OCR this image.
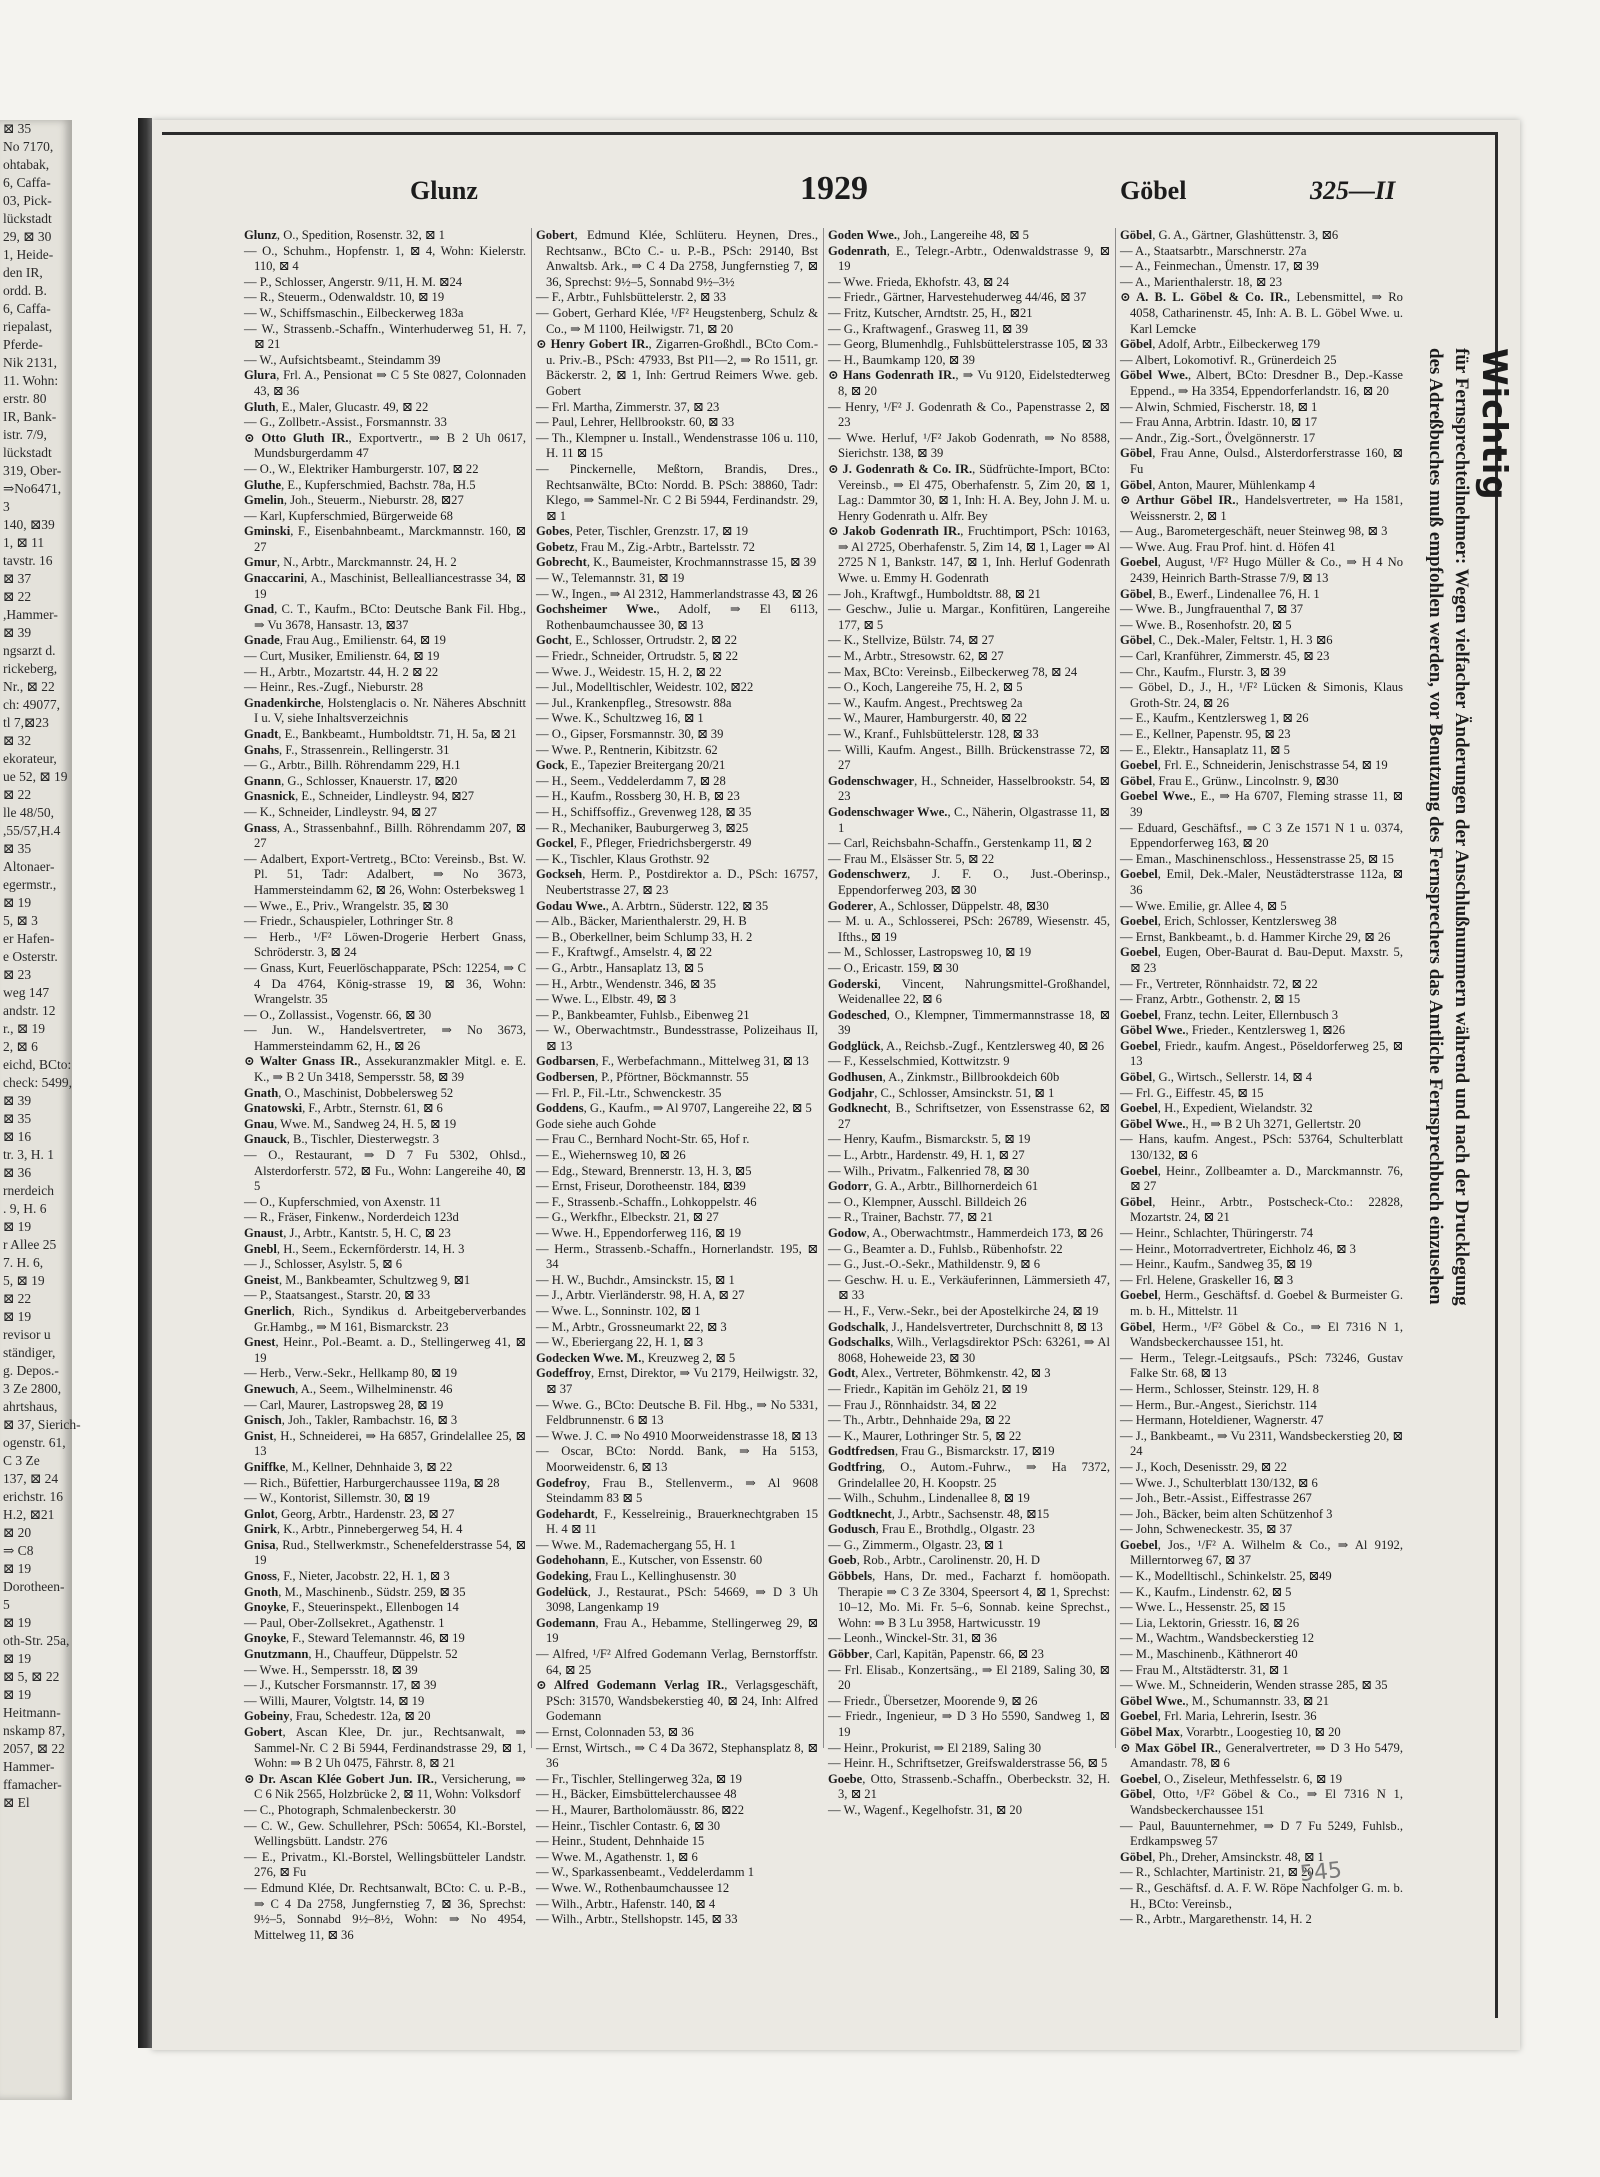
⊠ 35
No 7170,
ohtabak,
6, Caffa-
03, Pick-
lückstadt
29, ⊠ 30
1, Heide-
den IR,
ordd. B.
6, Caffa-
riepalast,
Pferde-
Nik 2131,
11. Wohn:
erstr. 80
IR, Bank-
istr. 7/9,
lückstadt
319, Ober-
⇒No6471,
3
140, ⊠39
1, ⊠ 11
tavstr. 16
⊠ 37
⊠ 22
,Hammer-
⊠ 39
ngsarzt d.
rickeberg,
Nr., ⊠ 22
ch: 49077,
tl 7,⊠23
⊠ 32
ekorateur,
ue 52, ⊠ 19
⊠ 22
lle 48/50,
,55/57,H.4
⊠ 35
Altonaer-
egermstr.,
⊠ 19
5, ⊠ 3
er Hafen-
e Osterstr.
⊠ 23
weg 147
andstr. 12
r., ⊠ 19
2, ⊠ 6
eichd, BCto:
check: 5499,
⊠ 39
⊠ 35
⊠ 16
tr. 3, H. 1
⊠ 36
rnerdeich
. 9, H. 6
⊠ 19
r Allee 25
7. H. 6,
5, ⊠ 19
⊠ 22
⊠ 19
revisor u
ständiger,
g. Depos.-
3 Ze 2800,
ahrtshaus,
⊠ 37, Sierich-
ogenstr. 61,
C 3 Ze
137, ⊠ 24
erichstr. 16
H.2, ⊠21
⊠ 20
⇒ C8
⊠ 19
Dorotheen-
5
⊠ 19
oth-Str. 25a,
⊠ 19
⊠ 5, ⊠ 22
⊠ 19
Heitmann-
nskamp 87,
2057, ⊠ 22
Hammer-
ffamacher-
⊠ El
Glunz	1929	Göbel	325—II

Glunz, O., Spedition, Rosenstr. 32, ⊠ 1

— O., Schuhm., Hopfenstr. 1, ⊠ 4, Wohn: Kielerstr. 110, ⊠ 4

— P., Schlosser, Angerstr. 9/11, H. M. ⊠24

— R., Steuerm., Odenwaldstr. 10, ⊠ 19

— W., Schiffsmaschin., Eilbeckerweg 183a

— W., Strassenb.-Schaffn., Winterhuderweg 51, H. 7, ⊠ 21

— W., Aufsichtsbeamt., Steindamm 39

Glura, Frl. A., Pensionat ⇒ C 5 Ste 0827, Colonnaden 43, ⊠ 36

Gluth, E., Maler, Glucastr. 49, ⊠ 22

— G., Zollbetr.-Assist., Forsmannstr. 33

⊙ Otto Gluth IR., Exportvertr., ⇒ B 2 Uh 0617, Mundsburgerdamm 47

— O., W., Elektriker Hamburgerstr. 107, ⊠ 22

Gluthe, E., Kupferschmied, Bachstr. 78a, H.5

Gmelin, Joh., Steuerm., Nieburstr. 28, ⊠27

— Karl, Kupferschmied, Bürgerweide 68

Gminski, F., Eisenbahnbeamt., Marckmannstr. 160, ⊠ 27

Gmur, N., Arbtr., Marckmannstr. 24, H. 2

Gnaccarini, A., Maschinist, Bellealliancestrasse 34, ⊠ 19

Gnad, C. T., Kaufm., BCto: Deutsche Bank Fil. Hbg., ⇒ Vu 3678, Hansastr. 13, ⊠37

Gnade, Frau Aug., Emilienstr. 64, ⊠ 19

— Curt, Musiker, Emilienstr. 64, ⊠ 19

— H., Arbtr., Mozartstr. 44, H. 2 ⊠ 22

— Heinr., Res.-Zugf., Nieburstr. 28

Gnadenkirche, Holstenglacis o. Nr. Näheres Abschnitt I u. V, siehe Inhaltsverzeichnis

Gnadt, E., Bankbeamt., Humboldtstr. 71, H. 5a, ⊠ 21

Gnahs, F., Strassenrein., Rellingerstr. 31

— G., Arbtr., Billh. Röhrendamm 229, H.1

Gnann, G., Schlosser, Knauerstr. 17, ⊠20

Gnasnick, E., Schneider, Lindleystr. 94, ⊠27

— K., Schneider, Lindleystr. 94, ⊠ 27

Gnass, A., Strassenbahnf., Billh. Röhrendamm 207, ⊠ 27

— Adalbert, Export-Vertretg., BCto: Vereinsb., Bst. W. Pl. 51, Tadr: Adalbert, ⇒ No 3673, Hammersteindamm 62, ⊠ 26, Wohn: Osterbeksweg 1

— Wwe., E., Priv., Wrangelstr. 35, ⊠ 30

— Friedr., Schauspieler, Lothringer Str. 8

— Herb., ¹/F² Löwen-Drogerie Herbert Gnass, Schröderstr. 3, ⊠ 24

— Gnass, Kurt, Feuerlöschapparate, PSch: 12254, ⇒ C 4 Da 4764, König-strasse 19, ⊠ 36, Wohn: Wrangelstr. 35

— O., Zollassist., Vogenstr. 66, ⊠ 30

— Jun. W., Handelsvertreter, ⇒ No 3673, Hammersteindamm 62, H., ⊠ 26

⊙ Walter Gnass IR., Assekuranzmakler Mitgl. e. E. K., ⇒ B 2 Un 3418, Sempersstr. 58, ⊠ 39

Gnath, O., Maschinist, Dobbelersweg 52

Gnatowski, F., Arbtr., Sternstr. 61, ⊠ 6

Gnau, Wwe. M., Sandweg 24, H. 5, ⊠ 19

Gnauck, B., Tischler, Diesterwegstr. 3

— O., Restaurant, ⇒ D 7 Fu 5302, Ohlsd., Alsterdorferstr. 572, ⊠ Fu., Wohn: Langereihe 40, ⊠ 5

— O., Kupferschmied, von Axenstr. 11

— R., Fräser, Finkenw., Norderdeich 123d

Gnaust, J., Arbtr., Kantstr. 5, H. C, ⊠ 23

Gnebl, H., Seem., Eckernförderstr. 14, H. 3

— J., Schlosser, Asylstr. 5, ⊠ 6

Gneist, M., Bankbeamter, Schultzweg 9, ⊠1

— P., Staatsangest., Starstr. 20, ⊠ 33

Gnerlich, Rich., Syndikus d. Arbeitgeberverbandes Gr.Hambg., ⇒ M 161, Bismarckstr. 23

Gnest, Heinr., Pol.-Beamt. a. D., Stellingerweg 41, ⊠ 19

— Herb., Verw.-Sekr., Hellkamp 80, ⊠ 19

Gnewuch, A., Seem., Wilhelminenstr. 46

— Carl, Maurer, Lastropsweg 28, ⊠ 19

Gnisch, Joh., Takler, Rambachstr. 16, ⊠ 3

Gnist, H., Schneiderei, ⇒ Ha 6857, Grindelallee 25, ⊠ 13

Gniffke, M., Kellner, Dehnhaide 3, ⊠ 22

— Rich., Büfettier, Harburgerchaussee 119a, ⊠ 28

— W., Kontorist, Sillemstr. 30, ⊠ 19

Gnlot, Georg, Arbtr., Hardenstr. 23, ⊠ 27

Gnirk, K., Arbtr., Pinnebergerweg 54, H. 4

Gnisa, Rud., Stellwerkmstr., Schenefelderstrasse 54, ⊠ 19

Gnoss, F., Nieter, Jacobstr. 22, H. 1, ⊠ 3

Gnoth, M., Maschinenb., Südstr. 259, ⊠ 35

Gnoyke, F., Steuerinspekt., Ellenbogen 14

— Paul, Ober-Zollsekret., Agathenstr. 1

Gnoyke, F., Steward Telemannstr. 46, ⊠ 19

Gnutzmann, H., Chauffeur, Düppelstr. 52

— Wwe. H., Sempersstr. 18, ⊠ 39

— J., Kutscher Forsmannstr. 17, ⊠ 39

— Willi, Maurer, Volgtstr. 14, ⊠ 19

Gobeiny, Frau, Schedestr. 12a, ⊠ 20

Gobert, Ascan Klee, Dr. jur., Rechtsanwalt, ⇒ Sammel-Nr. C 2 Bi 5944, Ferdinandstrasse 29, ⊠ 1, Wohn: ⇒ B 2 Uh 0475, Fährstr. 8, ⊠ 21

⊙ Dr. Ascan Klée Gobert Jun. IR., Versicherung, ⇒ C 6 Nik 2565, Holzbrücke 2, ⊠ 11, Wohn: Volksdorf

— C., Photograph, Schmalenbeckerstr. 30

— C. W., Gew. Schullehrer, PSch: 50654, Kl.-Borstel, Wellingsbütt. Landstr. 276

— E., Privatm., Kl.-Borstel, Wellingsbütteler Landstr. 276, ⊠ Fu

— Edmund Klée, Dr. Rechtsanwalt, BCto: C. u. P.-B., ⇒ C 4 Da 2758, Jungfernstieg 7, ⊠ 36, Sprechst: 9½–5, Sonnabd 9½–8½, Wohn: ⇒ No 4954, Mittelweg 11, ⊠ 36

Gobert, Edmund Klée, Schlüteru. Heynen, Dres., Rechtsanw., BCto C.- u. P.-B., PSch: 29140, Bst Anwaltsb. Ark., ⇒ C 4 Da 2758, Jungfernstieg 7, ⊠ 36, Sprechst: 9½–5, Sonnabd 9½–3½

— F., Arbtr., Fuhlsbüttelerstr. 2, ⊠ 33

— Gobert, Gerhard Klée, ¹/F² Heugstenberg, Schulz & Co., ⇒ M 1100, Heilwigstr. 71, ⊠ 20

⊙ Henry Gobert IR., Zigarren-Großhdl., BCto Com.- u. Priv.-B., PSch: 47933, Bst Pl1—2, ⇒ Ro 1511, gr. Bäckerstr. 2, ⊠ 1, Inh: Gertrud Reimers Wwe. geb. Gobert

— Frl. Martha, Zimmerstr. 37, ⊠ 23

— Paul, Lehrer, Hellbrookstr. 60, ⊠ 33

— Th., Klempner u. Install., Wendenstrasse 106 u. 110, H. 11 ⊠ 15

— Pinckernelle, Meßtorn, Brandis, Dres., Rechtsanwälte, BCto: Nordd. B. PSch: 38860, Tadr: Klego, ⇒ Sammel-Nr. C 2 Bi 5944, Ferdinandstr. 29, ⊠ 1

Gobes, Peter, Tischler, Grenzstr. 17, ⊠ 19

Gobetz, Frau M., Zig.-Arbtr., Bartelsstr. 72

Gobrecht, K., Baumeister, Krochmannstrasse 15, ⊠ 39

— W., Telemannstr. 31, ⊠ 19

— W., Ingen., ⇒ Al 2312, Hammerlandstrasse 43, ⊠ 26

Gochsheimer Wwe., Adolf, ⇒ El 6113, Rothenbaumchaussee 30, ⊠ 13

Gocht, E., Schlosser, Ortrudstr. 2, ⊠ 22

— Friedr., Schneider, Ortrudstr. 5, ⊠ 22

— Wwe. J., Weidestr. 15, H. 2, ⊠ 22

— Jul., Modelltischler, Weidestr. 102, ⊠22

— Jul., Krankenpfleg., Stresowstr. 88a

— Wwe. K., Schultzweg 16, ⊠ 1

— O., Gipser, Forsmannstr. 30, ⊠ 39

— Wwe. P., Rentnerin, Kibitzstr. 62

Gock, E., Tapezier Breitergang 20/21

— H., Seem., Veddelerdamm 7, ⊠ 28

— H., Kaufm., Rossberg 30, H. B, ⊠ 23

— H., Schiffsoffiz., Grevenweg 128, ⊠ 35

— R., Mechaniker, Bauburgerweg 3, ⊠25

Gockel, F., Pfleger, Friedrichsbergerstr. 49

— K., Tischler, Klaus Grothstr. 92

Gockseh, Herm. P., Postdirektor a. D., PSch: 16757, Neubertstrasse 27, ⊠ 23

Godau Wwe., A. Arbtrn., Süderstr. 122, ⊠ 35

— Alb., Bäcker, Marienthalerstr. 29, H. B

— B., Oberkellner, beim Schlump 33, H. 2

— F., Kraftwgf., Amselstr. 4, ⊠ 22

— G., Arbtr., Hansaplatz 13, ⊠ 5

— H., Arbtr., Wendenstr. 346, ⊠ 35

— Wwe. L., Elbstr. 49, ⊠ 3

— P., Bankbeamter, Fuhlsb., Eibenweg 21

— W., Oberwachtmstr., Bundesstrasse, Polizeihaus II, ⊠ 13

Godbarsen, F., Werbefachmann., Mittelweg 31, ⊠ 13

Godbersen, P., Pförtner, Böckmannstr. 55

— Frl. P., Fil.-Ltr., Schwenckestr. 35

Goddens, G., Kaufm., ⇒ Al 9707, Langereihe 22, ⊠ 5

Gode siehe auch Gohde

— Frau C., Bernhard Nocht-Str. 65, Hof r.

— E., Wiehernsweg 10, ⊠ 26

— Edg., Steward, Brennerstr. 13, H. 3, ⊠5

— Ernst, Friseur, Dorotheenstr. 184, ⊠39

— F., Strassenb.-Schaffn., Lohkoppelstr. 46

— G., Werkfhr., Elbeckstr. 21, ⊠ 27

— Wwe. H., Eppendorferweg 116, ⊠ 19

— Herm., Strassenb.-Schaffn., Hornerlandstr. 195, ⊠ 34

— H. W., Buchdr., Amsinckstr. 15, ⊠ 1

— J., Arbtr. Vierländerstr. 98, H. A, ⊠ 27

— Wwe. L., Sonninstr. 102, ⊠ 1

— M., Arbtr., Grossneumarkt 22, ⊠ 3

— W., Eberiergang 22, H. 1, ⊠ 3

Godecken Wwe. M., Kreuzweg 2, ⊠ 5

Godeffroy, Ernst, Direktor, ⇒ Vu 2179, Heilwigstr. 32, ⊠ 37

— Wwe. G., BCto: Deutsche B. Fil. Hbg., ⇒ No 5331, Feldbrunnenstr. 6 ⊠ 13

— Wwe. J. C. ⇒ No 4910 Moorweidenstrasse 18, ⊠ 13

— Oscar, BCto: Nordd. Bank, ⇒ Ha 5153, Moorweidenstr. 6, ⊠ 13

Godefroy, Frau B., Stellenverm., ⇒ Al 9608 Steindamm 83 ⊠ 5

Godehardt, F., Kesselreinig., Brauerknechtgraben 15 H. 4 ⊠ 11

— Wwe. M., Rademachergang 55, H. 1

Godehohann, E., Kutscher, von Essenstr. 60

Godeking, Frau L., Kellinghusenstr. 30

Godelück, J., Restaurat., PSch: 54669, ⇒ D 3 Uh 3098, Langenkamp 19

Godemann, Frau A., Hebamme, Stellingerweg 29, ⊠ 19

— Alfred, ¹/F² Alfred Godemann Verlag, Bernstorffstr. 64, ⊠ 25

⊙ Alfred Godemann Verlag IR., Verlagsgeschäft, PSch: 31570, Wandsbekerstieg 40, ⊠ 24, Inh: Alfred Godemann

— Ernst, Colonnaden 53, ⊠ 36

— Ernst, Wirtsch., ⇒ C 4 Da 3672, Stephansplatz 8, ⊠ 36

— Fr., Tischler, Stellingerweg 32a, ⊠ 19

— H., Bäcker, Eimsbüttelerchaussee 48

— H., Maurer, Bartholomäusstr. 86, ⊠22

— Heinr., Tischler Contastr. 6, ⊠ 30

— Heinr., Student, Dehnhaide 15

— Wwe. M., Agathenstr. 1, ⊠ 6

— W., Sparkassenbeamt., Veddelerdamm 1

— Wwe. W., Rothenbaumchaussee 12

— Wilh., Arbtr., Hafenstr. 140, ⊠ 4

— Wilh., Arbtr., Stellshopstr. 145, ⊠ 33

Goden Wwe., Joh., Langereihe 48, ⊠ 5

Godenrath, E., Telegr.-Arbtr., Odenwaldstrasse 9, ⊠ 19

— Wwe. Frieda, Ekhofstr. 43, ⊠ 24

— Friedr., Gärtner, Harvestehuderweg 44/46, ⊠ 37

— Fritz, Kutscher, Arndtstr. 25, H., ⊠21

— G., Kraftwagenf., Grasweg 11, ⊠ 39

— Georg, Blumenhdlg., Fuhlsbüttelerstrasse 105, ⊠ 33

— H., Baumkamp 120, ⊠ 39

⊙ Hans Godenrath IR., ⇒ Vu 9120, Eidelstedterweg 8, ⊠ 20

— Henry, ¹/F² J. Godenrath & Co., Papenstrasse 2, ⊠ 23

— Wwe. Herluf, ¹/F² Jakob Godenrath, ⇒ No 8588, Sierichstr. 138, ⊠ 39

⊙ J. Godenrath & Co. IR., Südfrüchte-Import, BCto: Vereinsb., ⇒ El 475, Oberhafenstr. 5, Zim 20, ⊠ 1, Lag.: Dammtor 30, ⊠ 1, Inh: H. A. Bey, John J. M. u. Henry Godenrath u. Alfr. Bey

⊙ Jakob Godenrath IR., Fruchtimport, PSch: 10163, ⇒ Al 2725, Oberhafenstr. 5, Zim 14, ⊠ 1, Lager ⇒ Al 2725 N 1, Bankstr. 147, ⊠ 1, Inh. Herluf Godenrath Wwe. u. Emmy H. Godenrath

— Joh., Kraftwgf., Humboldtstr. 88, ⊠ 21

— Geschw., Julie u. Margar., Konfitüren, Langereihe 177, ⊠ 5

— K., Stellvize, Bülstr. 74, ⊠ 27

— M., Arbtr., Stresowstr. 62, ⊠ 27

— Max, BCto: Vereinsb., Eilbeckerweg 78, ⊠ 24

— O., Koch, Langereihe 75, H. 2, ⊠ 5

— W., Kaufm. Angest., Prechtsweg 2a

— W., Maurer, Hamburgerstr. 40, ⊠ 22

— W., Kranf., Fuhlsbüttelerstr. 128, ⊠ 33

— Willi, Kaufm. Angest., Billh. Brückenstrasse 72, ⊠ 27

Godenschwager, H., Schneider, Hasselbrookstr. 54, ⊠ 23

Godenschwager Wwe., C., Näherin, Olgastrasse 11, ⊠ 1

— Carl, Reichsbahn-Schaffn., Gerstenkamp 11, ⊠ 2

— Frau M., Elsässer Str. 5, ⊠ 22

Godenschwerz, J. F. O., Just.-Oberinsp., Eppendorferweg 203, ⊠ 30

Goderer, A., Schlosser, Düppelstr. 48, ⊠30

— M. u. A., Schlosserei, PSch: 26789, Wiesenstr. 45, Ifths., ⊠ 19

— M., Schlosser, Lastropsweg 10, ⊠ 19

— O., Ericastr. 159, ⊠ 30

Goderski, Vincent, Nahrungsmittel-Großhandel, Weidenallee 22, ⊠ 6

Godesched, O., Klempner, Timmermannstrasse 18, ⊠ 39

Godglück, A., Reichsb.-Zugf., Kentzlersweg 40, ⊠ 26

— F., Kesselschmied, Kottwitzstr. 9

Godhusen, A., Zinkmstr., Billbrookdeich 60b

Godjahr, C., Schlosser, Amsinckstr. 51, ⊠ 1

Godknecht, B., Schriftsetzer, von Essenstrasse 62, ⊠ 27

— Henry, Kaufm., Bismarckstr. 5, ⊠ 19

— L., Arbtr., Hardenstr. 49, H. 1, ⊠ 27

— Wilh., Privatm., Falkenried 78, ⊠ 30

Godorr, G. A., Arbtr., Billhornerdeich 61

— O., Klempner, Ausschl. Billdeich 26

— R., Trainer, Bachstr. 77, ⊠ 21

Godow, A., Oberwachtmstr., Hammerdeich 173, ⊠ 26

— G., Beamter a. D., Fuhlsb., Rübenhofstr. 22

— G., Just.-O.-Sekr., Mathildenstr. 9, ⊠ 6

— Geschw. H. u. E., Verkäuferinnen, Lämmersieth 47, ⊠ 33

— H., F., Verw.-Sekr., bei der Apostelkirche 24, ⊠ 19

Godschalk, J., Handelsvertreter, Durchschnitt 8, ⊠ 13

Godschalks, Wilh., Verlagsdirektor PSch: 63261, ⇒ Al 8068, Hoheweide 23, ⊠ 30

Godt, Alex., Vertreter, Böhmkenstr. 42, ⊠ 3

— Friedr., Kapitän im Gehölz 21, ⊠ 19

— Frau J., Rönnhaidstr. 34, ⊠ 22

— Th., Arbtr., Dehnhaide 29a, ⊠ 22

— K., Maurer, Lothringer Str. 5, ⊠ 22

Godtfredsen, Frau G., Bismarckstr. 17, ⊠19

Godtfring, O., Autom.-Fuhrw., ⇒ Ha 7372, Grindelallee 20, H. Koopstr. 25

— Wilh., Schuhm., Lindenallee 8, ⊠ 19

Godtknecht, J., Arbtr., Sachsenstr. 48, ⊠15

Godusch, Frau E., Brothdlg., Olgastr. 23

— G., Zimmerm., Olgastr. 23, ⊠ 1

Goeb, Rob., Arbtr., Carolinenstr. 20, H. D

Göbbels, Hans, Dr. med., Facharzt f. homöopath. Therapie ⇒ C 3 Ze 3304, Speersort 4, ⊠ 1, Sprechst: 10–12, Mo. Mi. Fr. 5–6, Sonnab. keine Sprechst., Wohn: ⇒ B 3 Lu 3958, Hartwicusstr. 19

— Leonh., Winckel-Str. 31, ⊠ 36

Göbber, Carl, Kapitän, Papenstr. 66, ⊠ 23

— Frl. Elisab., Konzertsäng., ⇒ El 2189, Saling 30, ⊠ 20

— Friedr., Übersetzer, Moorende 9, ⊠ 26

— Friedr., Ingenieur, ⇒ D 3 Ho 5590, Sandweg 1, ⊠ 19

— Heinr., Prokurist, ⇒ El 2189, Saling 30

— Heinr. H., Schriftsetzer, Greifswalderstrasse 56, ⊠ 5

Goebe, Otto, Strassenb.-Schaffn., Oberbeckstr. 32, H. 3, ⊠ 21

— W., Wagenf., Kegelhofstr. 31, ⊠ 20

Göbel, G. A., Gärtner, Glashüttenstr. 3, ⊠6

— A., Staatsarbtr., Marschnerstr. 27a

— A., Feinmechan., Ümenstr. 17, ⊠ 39

— A., Marienthalerstr. 18, ⊠ 23

⊙ A. B. L. Göbel & Co. IR., Lebensmittel, ⇒ Ro 4058, Catharinenstr. 45, Inh: A. B. L. Göbel Wwe. u. Karl Lemcke

Göbel, Adolf, Arbtr., Eilbeckerweg 179

— Albert, Lokomotivf. R., Grünerdeich 25

Göbel Wwe., Albert, BCto: Dresdner B., Dep.-Kasse Eppend., ⇒ Ha 3354, Eppendorferlandstr. 16, ⊠ 20

— Alwin, Schmied, Fischerstr. 18, ⊠ 1

— Frau Anna, Arbtrin. Idastr. 10, ⊠ 17

— Andr., Zig.-Sort., Övelgönnerstr. 17

Göbel, Frau Anne, Oulsd., Alsterdorferstrasse 160, ⊠ Fu

Göbel, Anton, Maurer, Mühlenkamp 4

⊙ Arthur Göbel IR., Handelsvertreter, ⇒ Ha 1581, Weissnerstr. 2, ⊠ 1

— Aug., Barometergeschäft, neuer Steinweg 98, ⊠ 3

— Wwe. Aug. Frau Prof. hint. d. Höfen 41

Goebel, August, ¹/F² Hugo Müller & Co., ⇒ H 4 No 2439, Heinrich Barth-Strasse 7/9, ⊠ 13

Göbel, B., Ewerf., Lindenallee 76, H. 1

— Wwe. B., Jungfrauenthal 7, ⊠ 37

— Wwe. B., Rosenhofstr. 20, ⊠ 5

Göbel, C., Dek.-Maler, Feltstr. 1, H. 3 ⊠6

— Carl, Kranführer, Zimmerstr. 45, ⊠ 23

— Chr., Kaufm., Flurstr. 3, ⊠ 39

— Göbel, D., J., H., ¹/F² Lücken & Simonis, Klaus Groth-Str. 24, ⊠ 26

— E., Kaufm., Kentzlersweg 1, ⊠ 26

— E., Kellner, Papenstr. 95, ⊠ 23

— E., Elektr., Hansaplatz 11, ⊠ 5

Goebel, Frl. E., Schneiderin, Jenischstrasse 54, ⊠ 19

Göbel, Frau E., Grünw., Lincolnstr. 9, ⊠30

Goebel Wwe., E., ⇒ Ha 6707, Fleming strasse 11, ⊠ 39

— Eduard, Geschäftsf., ⇒ C 3 Ze 1571 N 1 u. 0374, Eppendorferweg 163, ⊠ 20

— Eman., Maschinenschloss., Hessenstrasse 25, ⊠ 15

Goebel, Emil, Dek.-Maler, Neustädterstrasse 112a, ⊠ 36

— Wwe. Emilie, gr. Allee 4, ⊠ 5

Goebel, Erich, Schlosser, Kentzlersweg 38

— Ernst, Bankbeamt., b. d. Hammer Kirche 29, ⊠ 26

Goebel, Eugen, Ober-Baurat d. Bau-Deput. Maxstr. 5, ⊠ 23

— Fr., Vertreter, Rönnhaidstr. 72, ⊠ 22

— Franz, Arbtr., Gothenstr. 2, ⊠ 15

Goebel, Franz, techn. Leiter, Ellernbusch 3

Göbel Wwe., Frieder., Kentzlersweg 1, ⊠26

Goebel, Friedr., kaufm. Angest., Pöseldorferweg 25, ⊠ 13

Göbel, G., Wirtsch., Sellerstr. 14, ⊠ 4

— Frl. G., Eiffestr. 45, ⊠ 15

Goebel, H., Expedient, Wielandstr. 32

Göbel Wwe., H., ⇒ B 2 Uh 3271, Gellertstr. 20

— Hans, kaufm. Angest., PSch: 53764, Schulterblatt 130/132, ⊠ 6

Goebel, Heinr., Zollbeamter a. D., Marckmannstr. 76, ⊠ 27

Göbel, Heinr., Arbtr., Postscheck-Cto.: 22828, Mozartstr. 24, ⊠ 21

— Heinr., Schlachter, Thüringerstr. 74

— Heinr., Motorradvertreter, Eichholz 46, ⊠ 3

— Heinr., Kaufm., Sandweg 35, ⊠ 19

— Frl. Helene, Graskeller 16, ⊠ 3

Goebel, Herm., Geschäftsf. d. Goebel & Burmeister G. m. b. H., Mittelstr. 11

Göbel, Herm., ¹/F² Göbel & Co., ⇒ El 7316 N 1, Wandsbeckerchaussee 151, ht.

— Herm., Telegr.-Leitgsaufs., PSch: 73246, Gustav Falke Str. 68, ⊠ 13

— Herm., Schlosser, Steinstr. 129, H. 8

— Herm., Bur.-Angest., Sierichstr. 114

— Hermann, Hoteldiener, Wagnerstr. 47

— J., Bankbeamt., ⇒ Vu 2311, Wandsbeckerstieg 20, ⊠ 24

— J., Koch, Desenisstr. 29, ⊠ 22

— Wwe. J., Schulterblatt 130/132, ⊠ 6

— Joh., Betr.-Assist., Eiffestrasse 267

— Joh., Bäcker, beim alten Schützenhof 3

— John, Schweneckestr. 35, ⊠ 37

Goebel, Jos., ¹/F² A. Wilhelm & Co., ⇒ Al 9192, Millerntorweg 67, ⊠ 37

— K., Modelltischl., Schinkelstr. 25, ⊠49

— K., Kaufm., Lindenstr. 62, ⊠ 5

— Wwe. L., Hessenstr. 25, ⊠ 15

— Lia, Lektorin, Griesstr. 16, ⊠ 26

— M., Wachtm., Wandsbeckerstieg 12

— M., Maschinenb., Käthnerort 40

— Frau M., Altstädterstr. 31, ⊠ 1

— Wwe. M., Schneiderin, Wenden strasse 285, ⊠ 35

Göbel Wwe., M., Schumannstr. 33, ⊠ 21

Goebel, Frl. Maria, Lehrerin, Isestr. 36

Göbel Max, Vorarbtr., Loogestieg 10, ⊠ 20

⊙ Max Göbel IR., Generalvertreter, ⇒ D 3 Ho 5479, Amandastr. 78, ⊠ 6

Goebel, O., Ziseleur, Methfesselstr. 6, ⊠ 19

Göbel, Otto, ¹/F² Göbel & Co., ⇒ El 7316 N 1, Wandsbeckerchaussee 151

— Paul, Bauunternehmer, ⇒ D 7 Fu 5249, Fuhlsb., Erdkampsweg 57

Göbel, Ph., Dreher, Amsinckstr. 48, ⊠ 1

— R., Schlachter, Martinistr. 21, ⊠ 20

— R., Geschäftsf. d. A. F. W. Röpe Nachfolger G. m. b. H., BCto: Vereinsb.,

— R., Arbtr., Margarethenstr. 14, H. 2

Wichtig
für Fernsprechteilnehmer: Wegen vielfacher Änderungen der Anschlußnummern während und nach der Drucklegung
des Adreßbuches muß empfohlen werden, vor Benutzung des Fernsprechers das Amtliche Fernsprechbuch einzusehen
545
